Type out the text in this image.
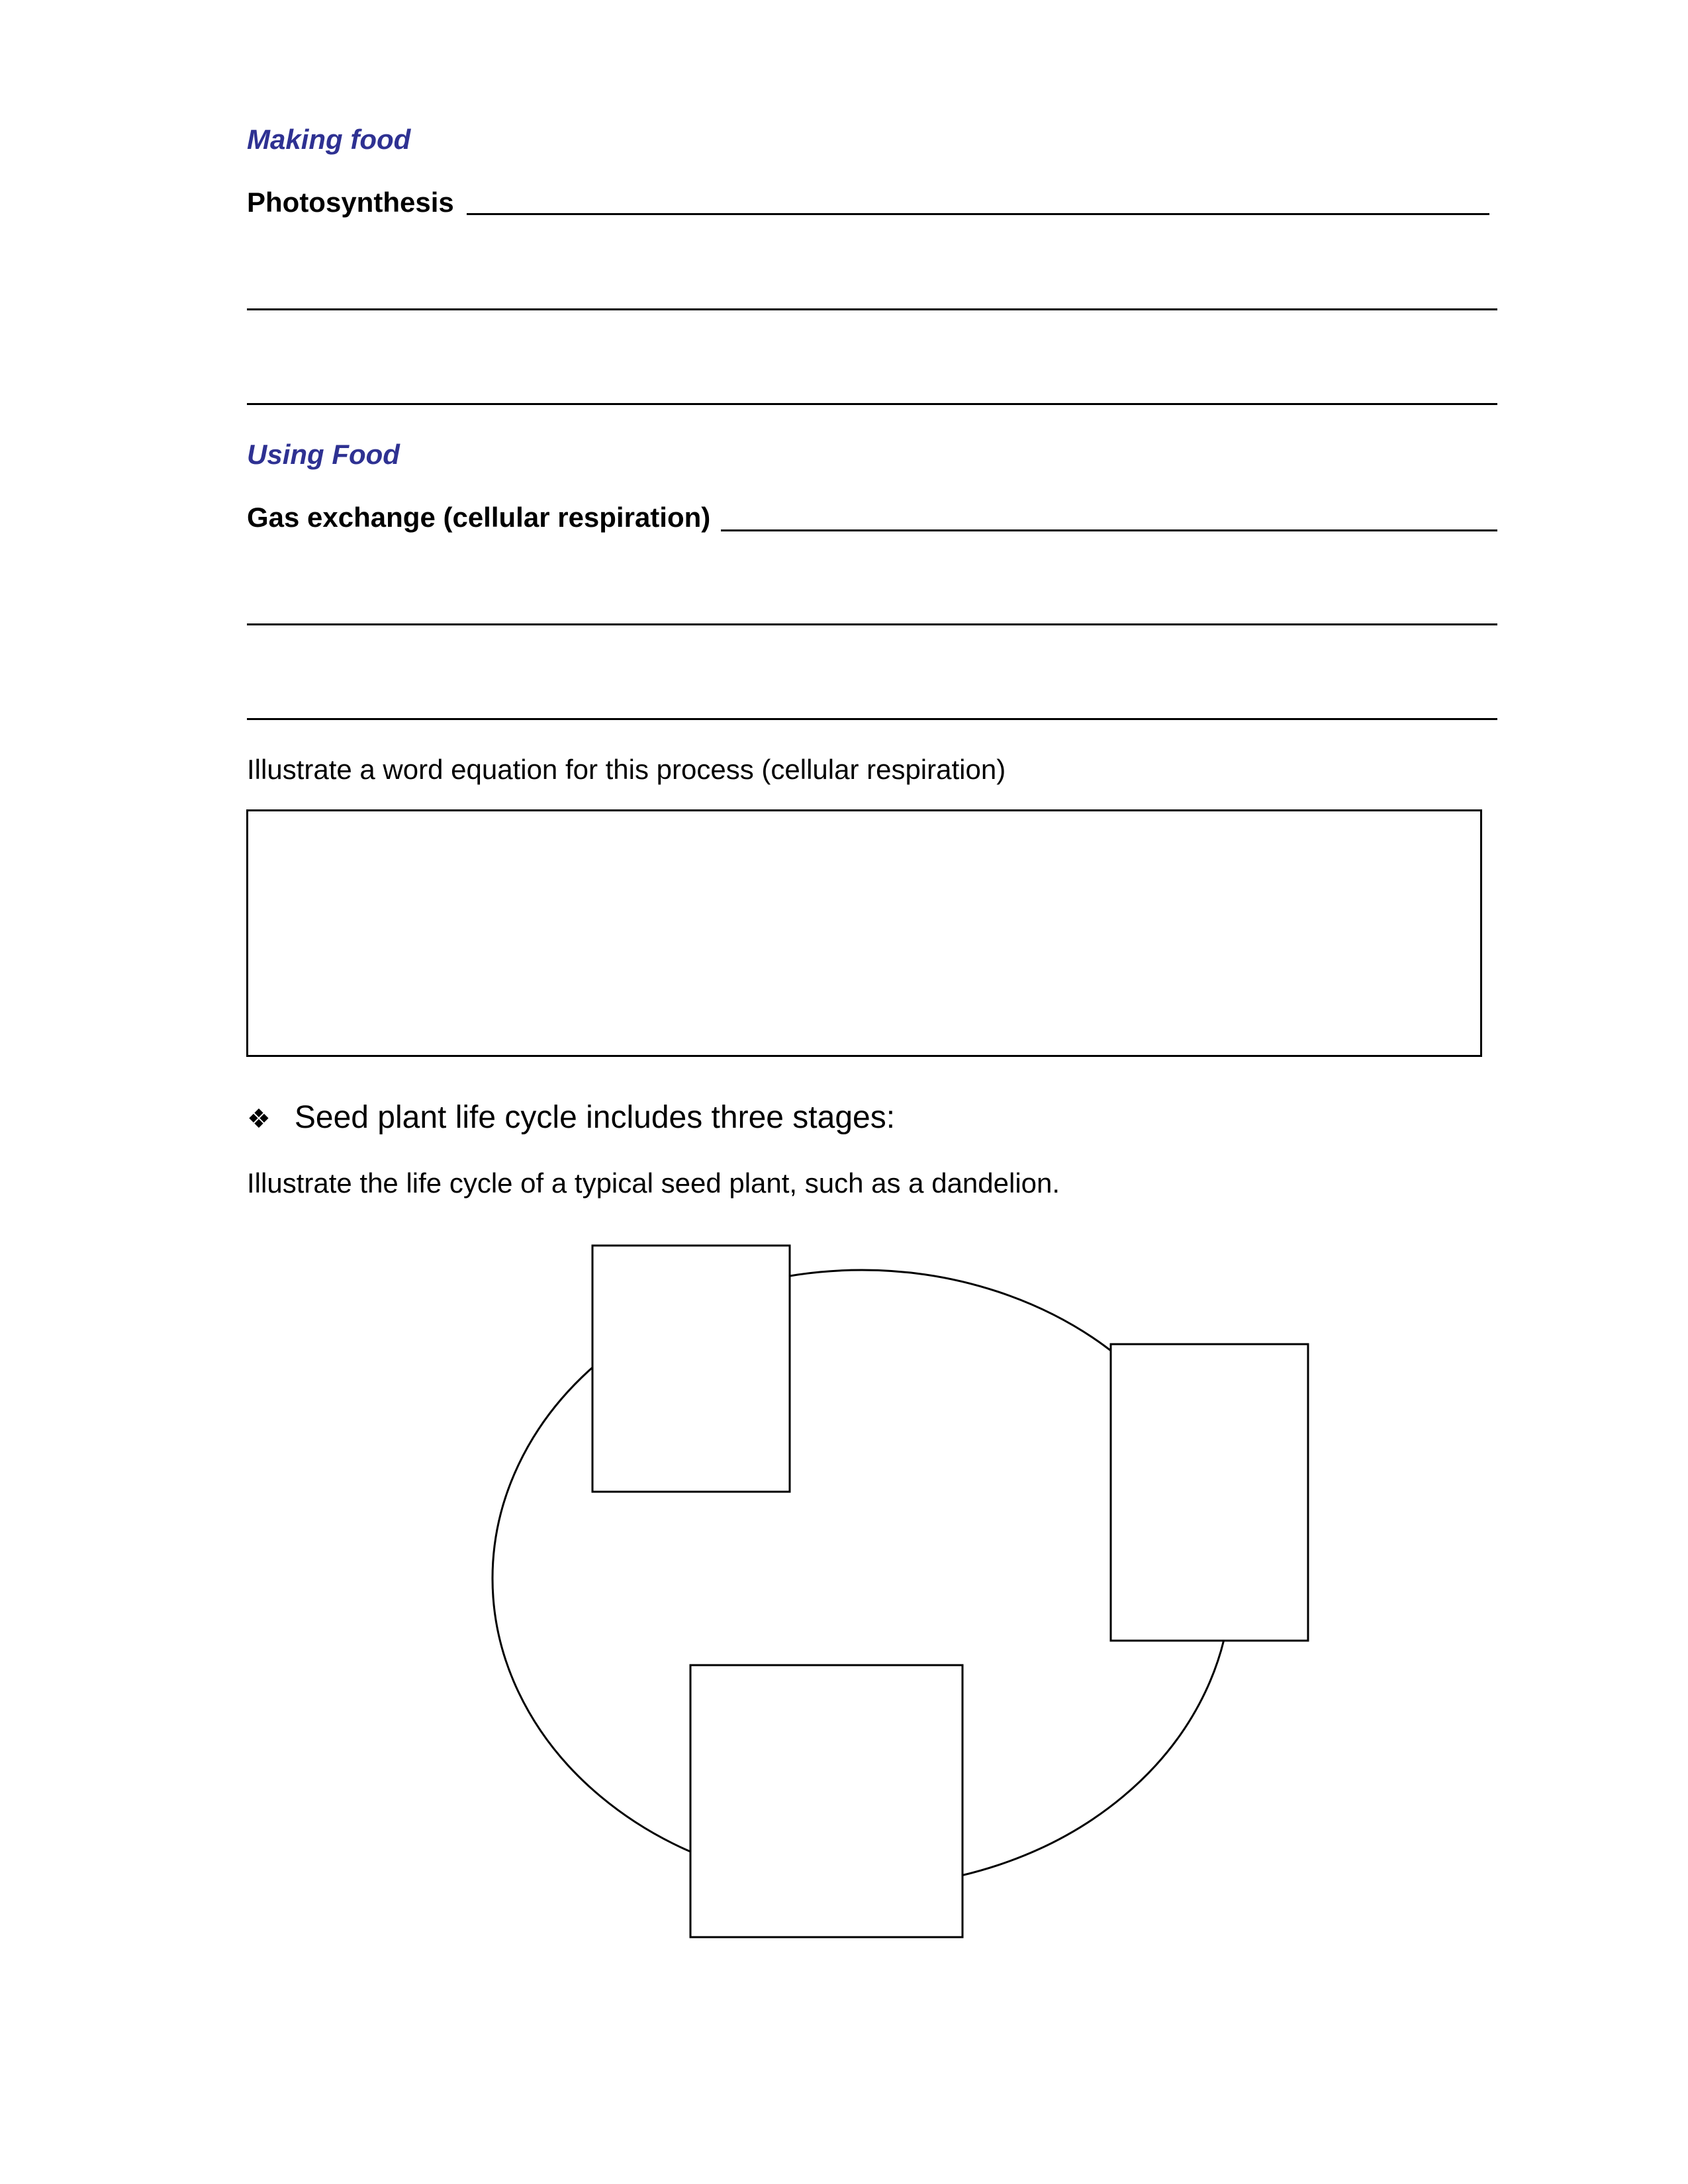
Making food
Photosynthesis
Using Food
Gas exchange (cellular respiration)
Illustrate a word equation for this process (cellular respiration)
❖ Seed plant life cycle includes three stages:
Illustrate the life cycle of a typical seed plant, such as a dandelion.
